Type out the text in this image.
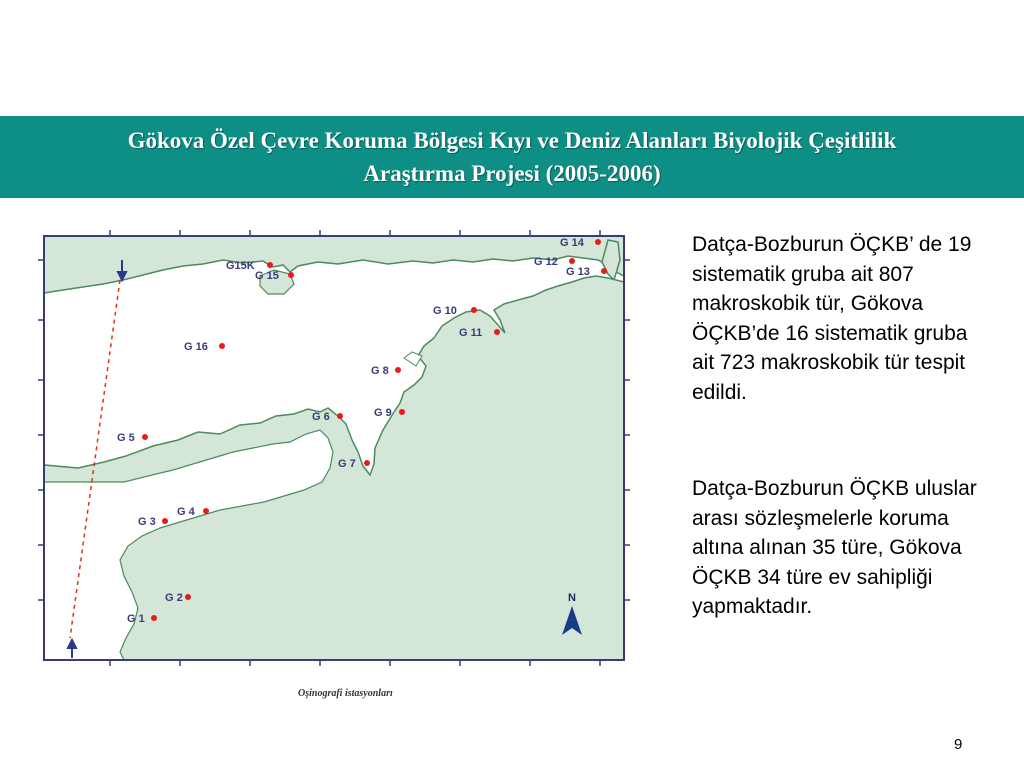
Gökova Özel Çevre Koruma Bölgesi Kıyı ve Deniz Alanları Biyolojik Çeşitlilik
Araştırma Projesi (2005-2006)
G 1
G 2
G 3
G 4
G 5
G 6
G 7
G 8
G 9
G 10
G 11
G 12
G 13
G 14
G15K
G 15
G 16
N
Oşinografi istasyonları
Datça-Bozburun ÖÇKB’ de 19 sistematik gruba ait 807 makroskobik tür, Gökova ÖÇKB’de 16 sistematik gruba ait 723 makroskobik tür tespit edildi.
Datça-Bozburun ÖÇKB uluslar arası sözleşmelerle koruma altına alınan 35 türe, Gökova ÖÇKB 34 türe ev sahipliği yapmaktadır.
9
